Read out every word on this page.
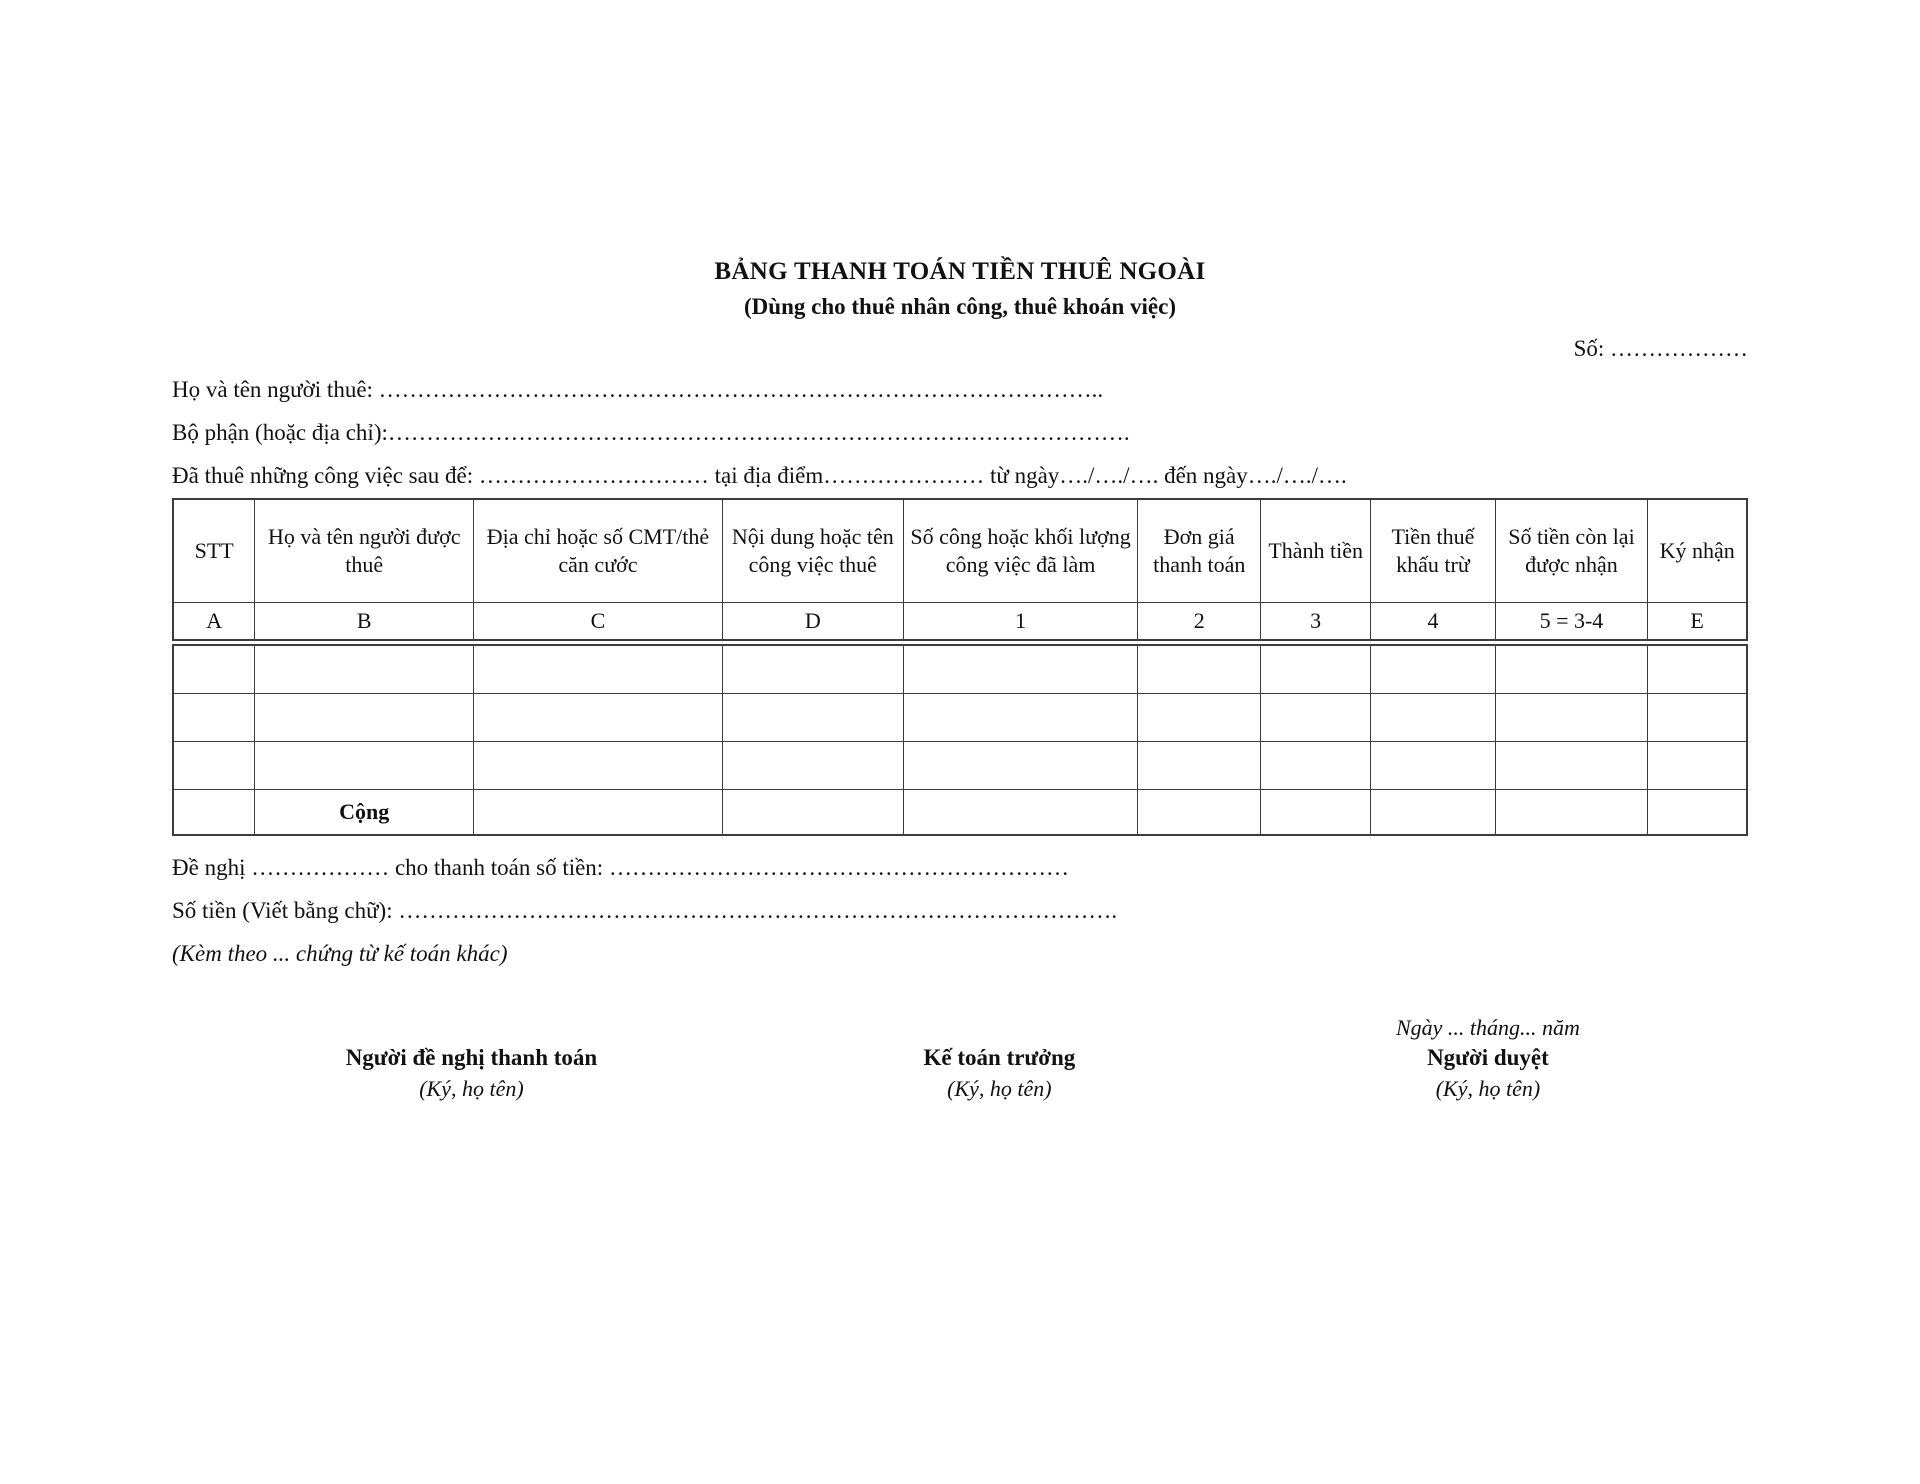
BẢNG THANH TOÁN TIỀN THUÊ NGOÀI
(Dùng cho thuê nhân công, thuê khoán việc)
Số: ………………
Họ và tên người thuê: …………………………………………………………………………………..
Bộ phận (hoặc địa chỉ):…………………………………………………………………………………….
Đã thuê những công việc sau để: ………………………… tại địa điểm………………… từ ngày…./…./…. đến ngày…./…./….
STT	Họ và tên người được thuê	Địa chỉ hoặc số CMT/thẻ căn cước	Nội dung hoặc tên công việc thuê	Số công hoặc khối lượng công việc đã làm	Đơn giá thanh toán	Thành tiền	Tiền thuế khấu trừ	Số tiền còn lại được nhận	Ký nhận
A	B	C	D	1	2	3	4	5 = 3-4	E

	Cộng								
Đề nghị ……………… cho thanh toán số tiền: ……………………………………………………
Số tiền (Viết bằng chữ): ………………………………………………………………………………….
(Kèm theo ... chứng từ kế toán khác)
Người đề nghị thanh toán
(Ký, họ tên)
Kế toán trưởng
(Ký, họ tên)
Ngày ... tháng... năm
Người duyệt
(Ký, họ tên)
